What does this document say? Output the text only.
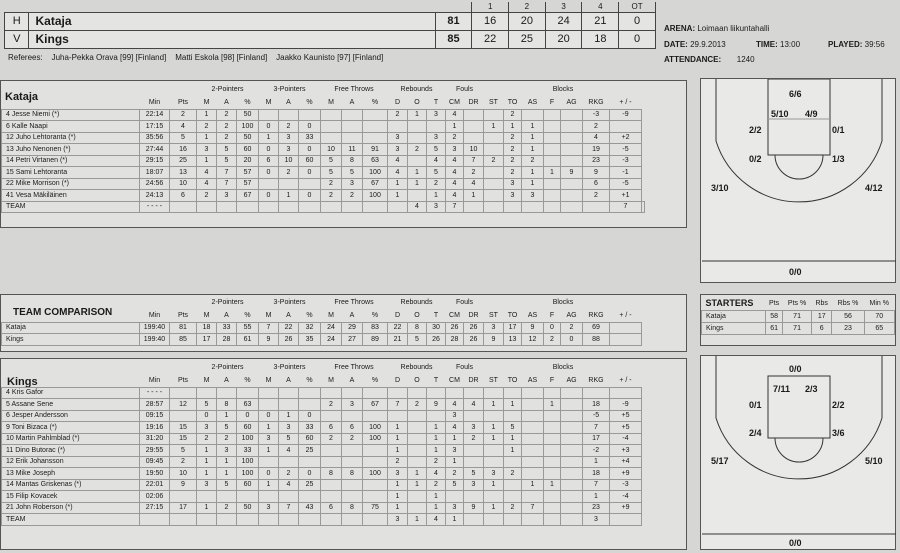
			1	2	3	4	OT
H	Kataja	81	16	20	24	21	0
V	Kings	85	22	25	20	18	0
Referees: Juha-Pekka Orava [99] [Finland] Matti Eskola [98] [Finland] Jaakko Kaunisto [97] [Finland]
ARENA: Loimaan liikuntahalli
DATE: 29.9.2013	TIME: 13:00	PLAYED: 39:56
ATTENDANCE: 1240
Kataja
			2-Pointers			3-Pointers			Free Throws			Rebounds			Fouls					Blocks				
	Min	Pts	M	A	%	M	A	%	M	A	%	D	O	T	CM	DR	ST	TO	AS	F	AG	RKG	+ / -	
4 Jesse Niemi (*)	22:14	2	1	2	50							2	1	3	4			2				-3	-9	
6 Kalle Naapi	17:15	4	2	2	100	0	2	0							1		1	1	1			2		
12 Juho Lehtoranta (*)	35:56	5	1	2	50	1	3	33				3		3	2			2	1			4	+2	
13 Juho Nenonen (*)	27:44	16	3	5	60	0	3	0	10	11	91	3	2	5	3	10		2	1			19	-5	
14 Petri Virtanen (*)	29:15	25	1	5	20	6	10	60	5	8	63	4		4	4	7	2	2	2			23	-3	
15 Sami Lehtoranta	18:07	13	4	7	57	0	2	0	5	5	100	4	1	5	4	2		2	1	1	9	9	-1	
22 Mike Morrison (*)	24:56	10	4	7	57				2	3	67	1	1	2	4	4		3	1			6	-5	
41 Vesa Mäkiläinen	24:13	6	2	3	67	0	1	0	2	2	100	1		1	4	1		3	3			2	+1	
TEAM	- - - -												4	3	7								7	
TEAM COMPARISON
			2-Pointers			3-Pointers			Free Throws			Rebounds			Fouls					Blocks			
	Min	Pts	M	A	%	M	A	%	M	A	%	D	O	T	CM	DR	ST	TO	AS	F	AG	RKG	+ / -
Kataja	199:40	81	18	33	55	7	22	32	24	29	83	22	8	30	26	26	3	17	9	0	2	69	
Kings	199:40	85	17	28	61	9	26	35	24	27	89	21	5	26	28	26	9	13	12	2	0	88	
STARTERS	Pts	Pts %	Rbs	Rbs %	Min %
Kataja	58	71	17	56	70
Kings	61	71	6	23	65
Kings
			2-Pointers			3-Pointers			Free Throws			Rebounds			Fouls					Blocks			
	Min	Pts	M	A	%	M	A	%	M	A	%	D	O	T	CM	DR	ST	TO	AS	F	AG	RKG	+ / -
4 Kris Gafor	- - - -																						
5 Assane Sene	28:57	12	5	8	63				2	3	67	7	2	9	4	4	1	1		1		18	-9
6 Jesper Andersson	09:15		0	1	0	0	1	0							3							-5	+5
9 Toni Bizaca (*)	19:16	15	3	5	60	1	3	33	6	6	100	1		1	4	3	1	5				7	+5
10 Martin Pahlmblad (*)	31:20	15	2	2	100	3	5	60	2	2	100	1		1	1	2	1	1				17	-4
11 Dino Butorac (*)	29:55	5	1	3	33	1	4	25				1		1	3			1				-2	+3
12 Erik Johansson	09:45	2	1	1	100							2		2	1							1	+4
13 Mike Joseph	19:50	10	1	1	100	0	2	0	8	8	100	3	1	4	2	5	3	2				18	+9
14 Mantas Griskenas (*)	22:01	9	3	5	60	1	4	25				1	1	2	5	3	1		1	1		7	-3
15 Filip Kovacek	02:06											1		1								1	-4
21 John Roberson (*)	27:15	17	1	2	50	3	7	43	6	8	75	1		1	3	9	1	2	7			23	+9
TEAM												3	1	4	1							3	
6/6
5/10 4/9
2/2	0/1
0/2	1/3
3/10	4/12
0/0
0/0
7/11 2/3
0/1	2/2
2/4	3/6
5/17	5/10
0/0
